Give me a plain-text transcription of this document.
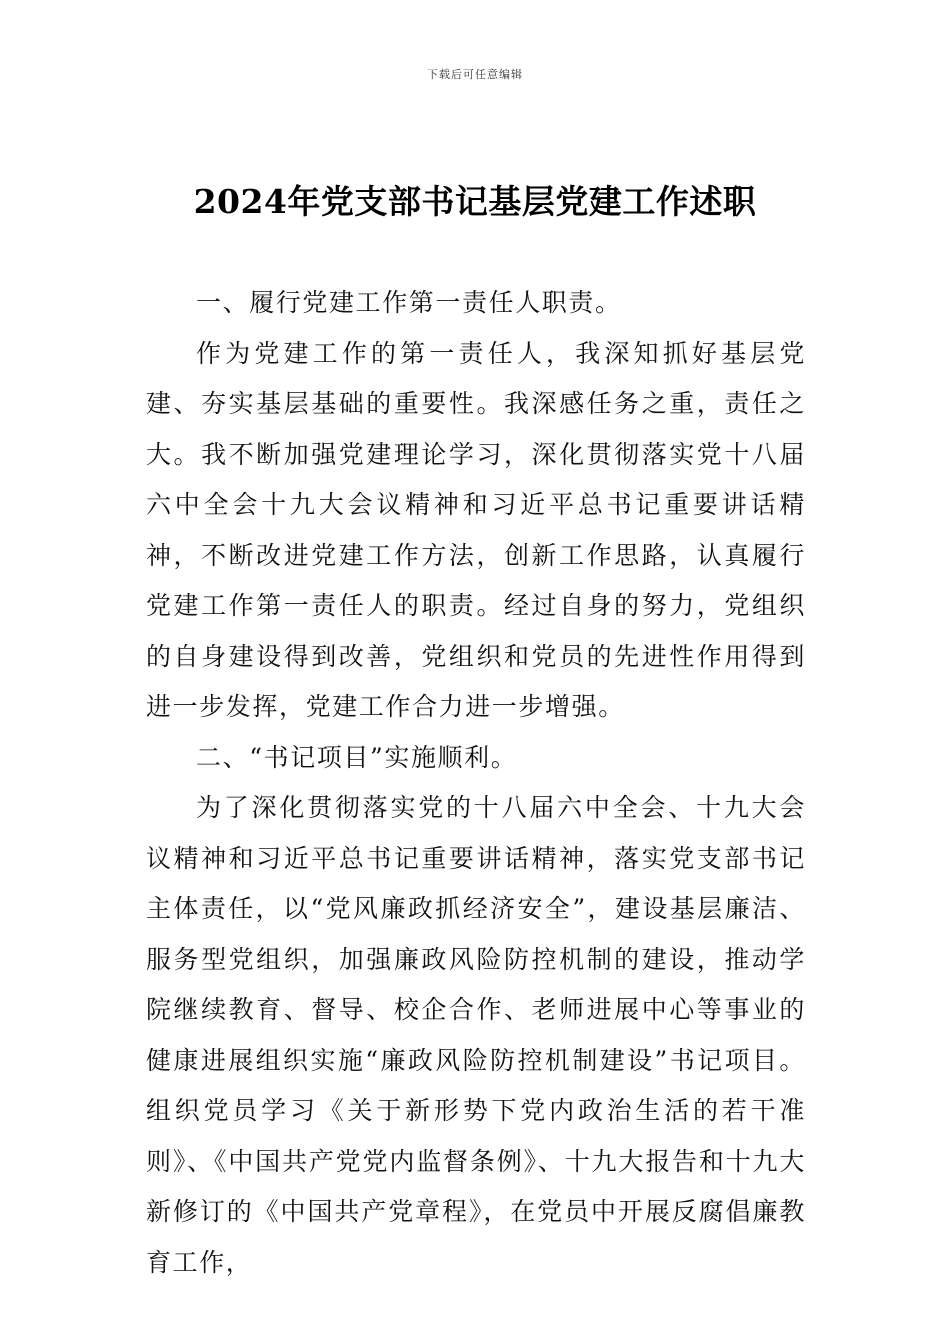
下载后可任意编辑
2024年党支部书记基层党建工作述职

一、履行党建工作第一责任人职责。

作为党建工作的第一责任人，我深知抓好基层党建、夯实基层基础的重要性。我深感任务之重，责任之大。我不断加强党建理论学习，深化贯彻落实党十八届六中全会十九大会议精神和习近平总书记重要讲话精神，不断改进党建工作方法，创新工作思路，认真履行党建工作第一责任人的职责。经过自身的努力，党组织的自身建设得到改善，党组织和党员的先进性作用得到进一步发挥，党建工作合力进一步增强。

二、“书记项目”实施顺利。

为了深化贯彻落实党的十八届六中全会、十九大会议精神和习近平总书记重要讲话精神，落实党支部书记主体责任，以“党风廉政抓经济安全”，建设基层廉洁、服务型党组织，加强廉政风险防控机制的建设，推动学院继续教育、督导、校企合作、老师进展中心等事业的健康进展组织实施“廉政风险防控机制建设”书记项目。组织党员学习《关于新形势下党内政治生活的若干准则》、《中国共产党党内监督条例》、十九大报告和十九大新修订的《中国共产党章程》，在党员中开展反腐倡廉教育工作，
